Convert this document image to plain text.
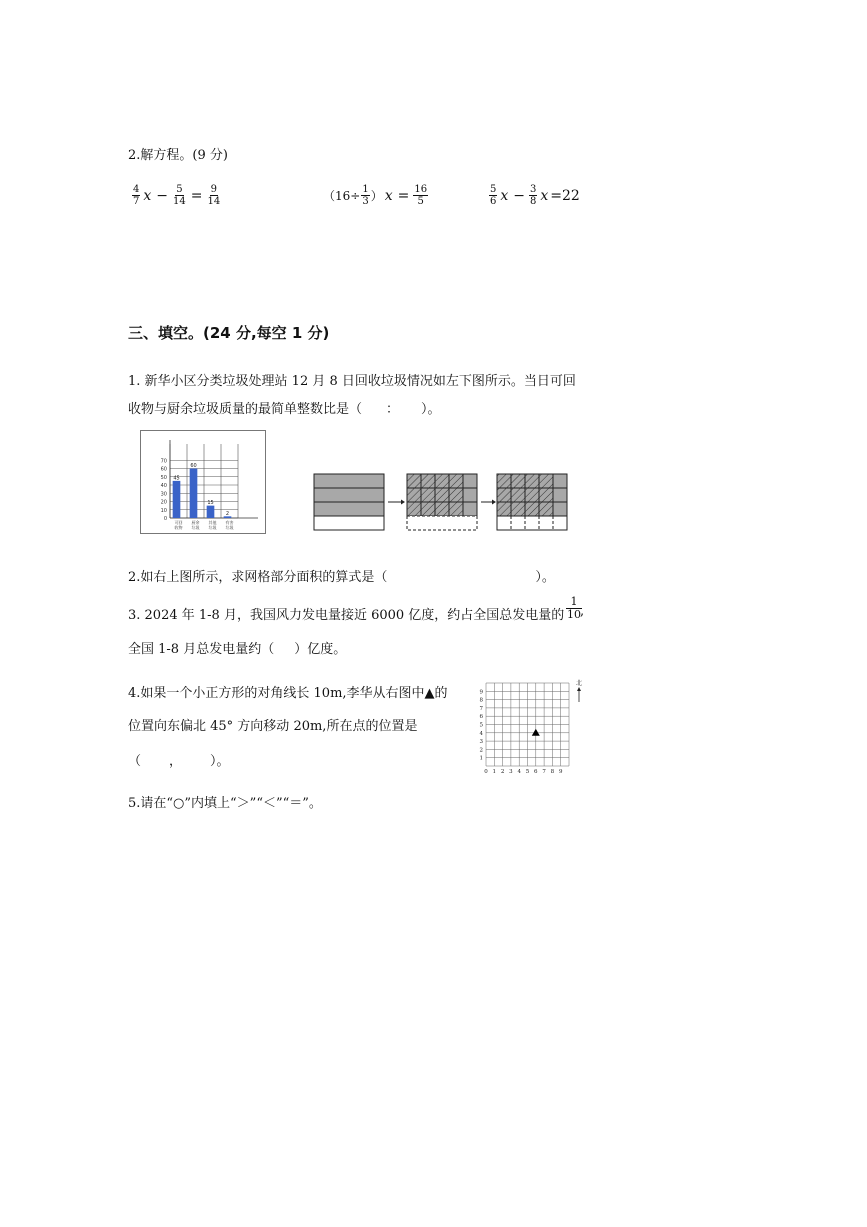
2.解方程。(9 分)
$\frac{4}{7}$ $x - \frac{5}{14} = \frac{9}{14}$	（$16\div \frac{1}{3}$ ） $x = \frac{16}{5}$	$\frac{5}{6}$ $x - \frac{3}{8}$ x =22
三、填空。(24 分,每空 1 分)
1. 新华小区分类垃圾处理站 12 月 8 日回收垃圾情况如左下图所示。当日可回
收物与厨余垃圾质量的最简单整数比是（ ： ）。
70
60
50
40
30
20
10
0
45
可回
收物
60
厨余
垃圾
15
其他
垃圾
2
有害
垃圾
2.如右上图所示，求网格部分面积的算式是（	）。
3. 2024 年 1-8 月，我国风力发电量接近 6000 亿度，约占全国总发电量的
1
10 ,
全国 1-8 月总发电量约（ ）亿度。
4.如果一个小正方形的对角线长 10m,李华从右图中▲的
位置向东偏北 45° 方向移动 20m,所在点的位置是
（ ， ）。
0 1 2 3 4 5 6 7 8 9
1
2
3
4
5
6
7
8
9
北
5.请在“○”内填上“＞”“＜”“＝”。
